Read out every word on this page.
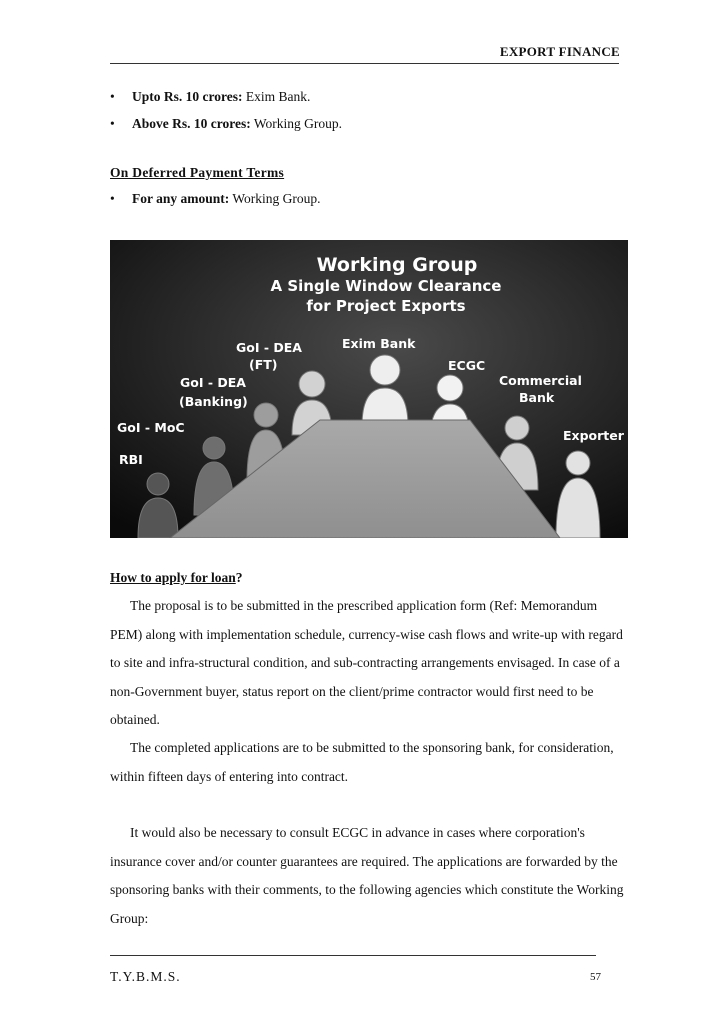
EXPORT FINANCE
• Upto Rs. 10 crores: Exim Bank.
• Above Rs. 10 crores: Working Group.
On Deferred Payment Terms
• For any amount: Working Group.
Working Group
A Single Window Clearance
for Project Exports
Exim Bank
GoI - DEA
(FT)	ECGC
GoI - DEA
(Banking)
Commercial
Bank
GoI - MoC
Exporter
RBI
How to apply for loan?
The proposal is to be submitted in the prescribed application form (Ref: Memorandum PEM) along with implementation schedule, currency-wise cash flows and write-up with regard to site and infra-structural condition, and sub-contracting arrangements envisaged. In case of a non-Government buyer, status report on the client/prime contractor would first need to be obtained.
The completed applications are to be submitted to the sponsoring bank, for consideration, within fifteen days of entering into contract.
It would also be necessary to consult ECGC in advance in cases where corporation's insurance cover and/or counter guarantees are required. The applications are forwarded by the sponsoring banks with their comments, to the following agencies which constitute the Working Group:
T.Y.B.M.S.	57
